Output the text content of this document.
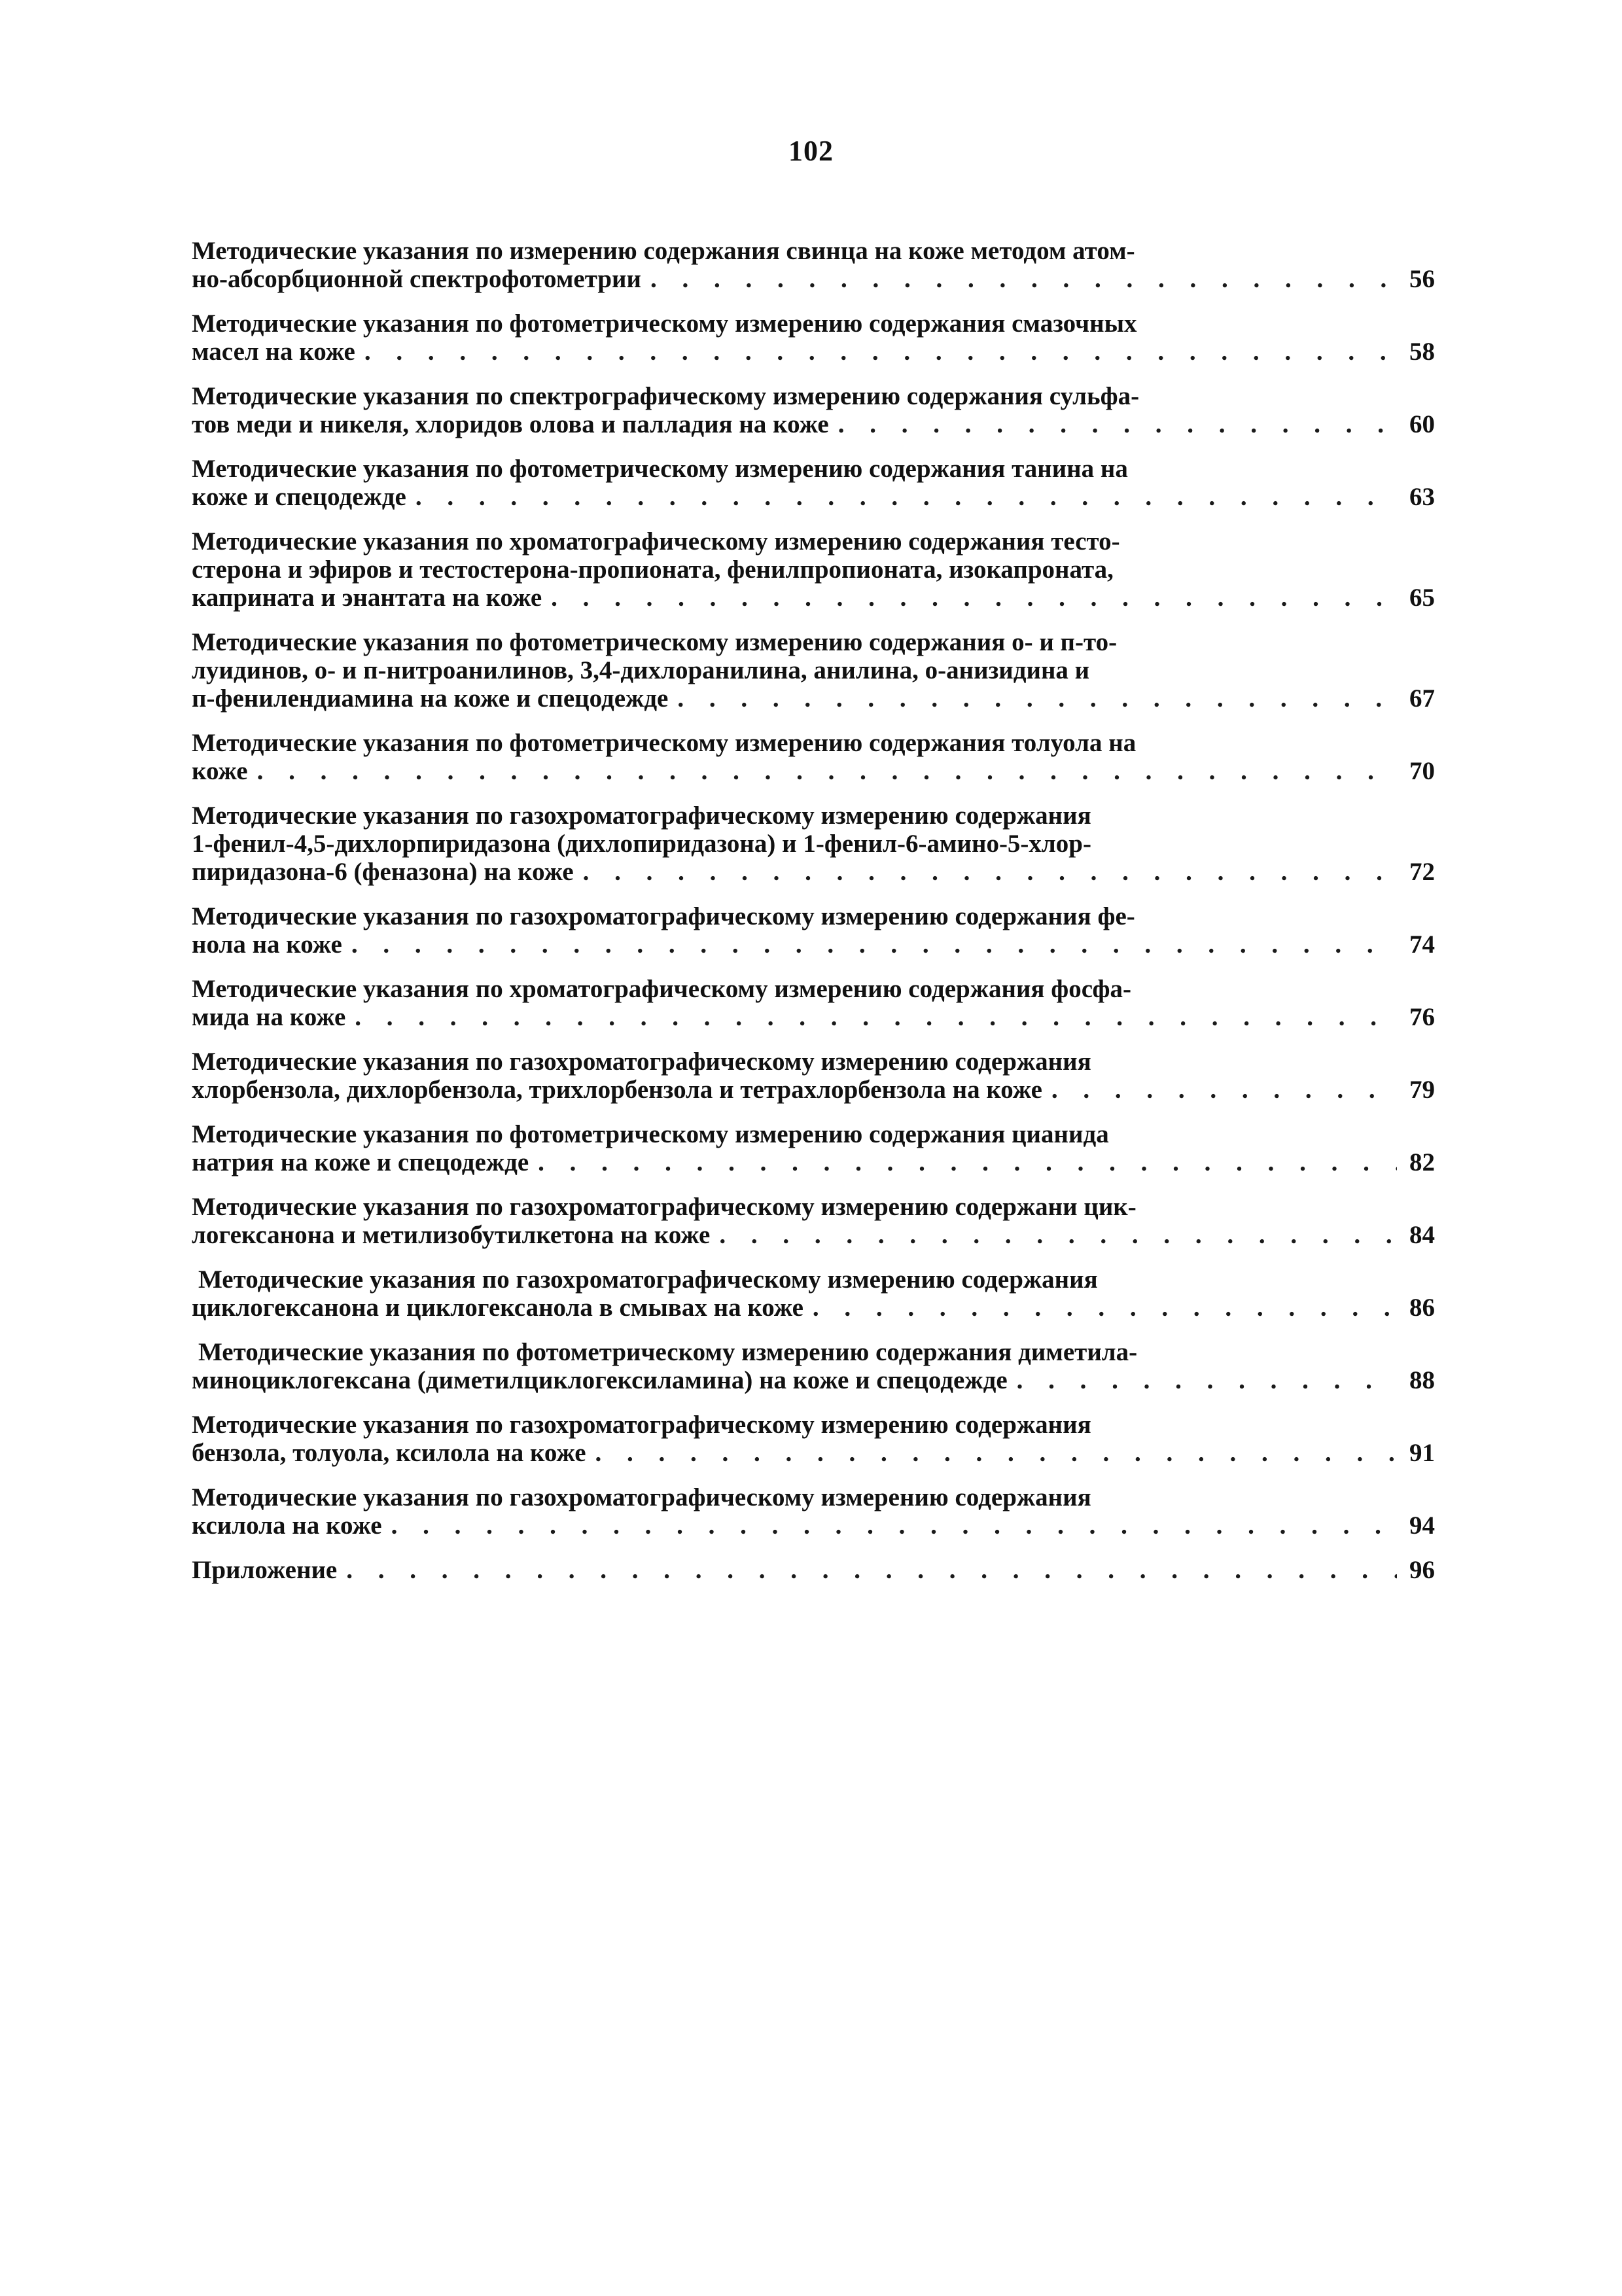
102
Методические указания по измерению содержания свинца на коже методом атом-
но-абсорбционной спектрофотометрии . . .	56
Методические указания по фотометрическому измерению содержания смазочных
масел на коже . . .	58
Методические указания по спектрографическому измерению содержания сульфа-
тов меди и никеля, хлоридов олова и палладия на коже . . .	60
Методические указания по фотометрическому измерению содержания танина на
коже и спецодежде . . .	63
Методические указания по хроматографическому измерению содержания тесто-
стерона и эфиров и тестостерона-пропионата, фенилпропионата, изокапроната,
каприната и энантата на коже . . .	65
Методические указания по фотометрическому измерению содержания о- и п-то-
луидинов, о- и п-нитроанилинов, 3,4-дихлоранилина, анилина, о-анизидина и
п-фенилендиамина на коже и спецодежде . . .	67
Методические указания по фотометрическому измерению содержания толуола на
коже . . .	70
Методические указания по газохроматографическому измерению содержания
1-фенил-4,5-дихлорпиридазона (дихлопиридазона) и 1-фенил-6-амино-5-хлор-
пиридазона-6 (феназона) на коже . . .	72
Методические указания по газохроматографическому измерению содержания фе-
нола на коже . . .	74
Методические указания по хроматографическому измерению содержания фосфа-
мида на коже . . .	76
Методические указания по газохроматографическому измерению содержания
хлорбензола, дихлорбензола, трихлорбензола и тетрахлорбензола на коже . . .	79
Методические указания по фотометрическому измерению содержания цианида
натрия на коже и спецодежде . . .	82
Методические указания по газохроматографическому измерению содержани цик-
логексанона и метилизобутилкетона на коже . . .	84
Методические указания по газохроматографическому измерению содержания
циклогексанона и циклогексанола в смывах на коже . . .	86
Методические указания по фотометрическому измерению содержания диметила-
миноциклогексана (диметилциклогексиламина) на коже и спецодежде . . .	88
Методические указания по газохроматографическому измерению содержания
бензола, толуола, ксилола на коже . . .	91
Методические указания по газохроматографическому измерению содержания
ксилола на коже . . .	94
Приложение . . .	96
